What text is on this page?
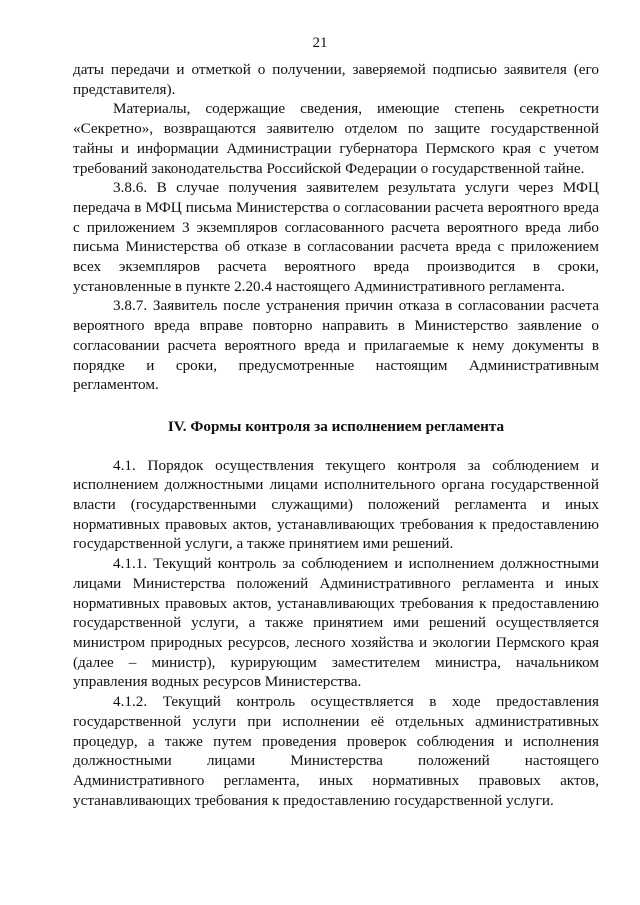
21

даты передачи и отметкой о получении, заверяемой подписью заявителя (его представителя).

Материалы, содержащие сведения, имеющие степень секретности «Секретно», возвращаются заявителю отделом по защите государственной тайны и информации Администрации губернатора Пермского края с учетом требований законодательства Российской Федерации о государственной тайне.

3.8.6. В случае получения заявителем результата услуги через МФЦ передача в МФЦ письма Министерства о согласовании расчета вероятного вреда с приложением 3 экземпляров согласованного расчета вероятного вреда либо письма Министерства об отказе в согласовании расчета вреда с приложением всех экземпляров расчета вероятного вреда производится в сроки, установленные в пункте 2.20.4 настоящего Административного регламента.

3.8.7. Заявитель после устранения причин отказа в согласовании расчета вероятного вреда вправе повторно направить в Министерство заявление о согласовании расчета вероятного вреда и прилагаемые к нему документы в порядке и сроки, предусмотренные настоящим Административным регламентом.

IV. Формы контроля за исполнением регламента

4.1. Порядок осуществления текущего контроля за соблюдением и исполнением должностными лицами исполнительного органа государственной власти (государственными служащими) положений регламента и иных нормативных правовых актов, устанавливающих требования к предоставлению государственной услуги, а также принятием ими решений.

4.1.1. Текущий контроль за соблюдением и исполнением должностными лицами Министерства положений Административного регламента и иных нормативных правовых актов, устанавливающих требования к предоставлению государственной услуги, а также принятием ими решений осуществляется министром природных ресурсов, лесного хозяйства и экологии Пермского края (далее – министр), курирующим заместителем министра, начальником управления водных ресурсов Министерства.

4.1.2. Текущий контроль осуществляется в ходе предоставления государственной услуги при исполнении её отдельных административных процедур, а также путем проведения проверок соблюдения и исполнения должностными лицами Министерства положений настоящего Административного регламента, иных нормативных правовых актов, устанавливающих требования к предоставлению государственной услуги.
